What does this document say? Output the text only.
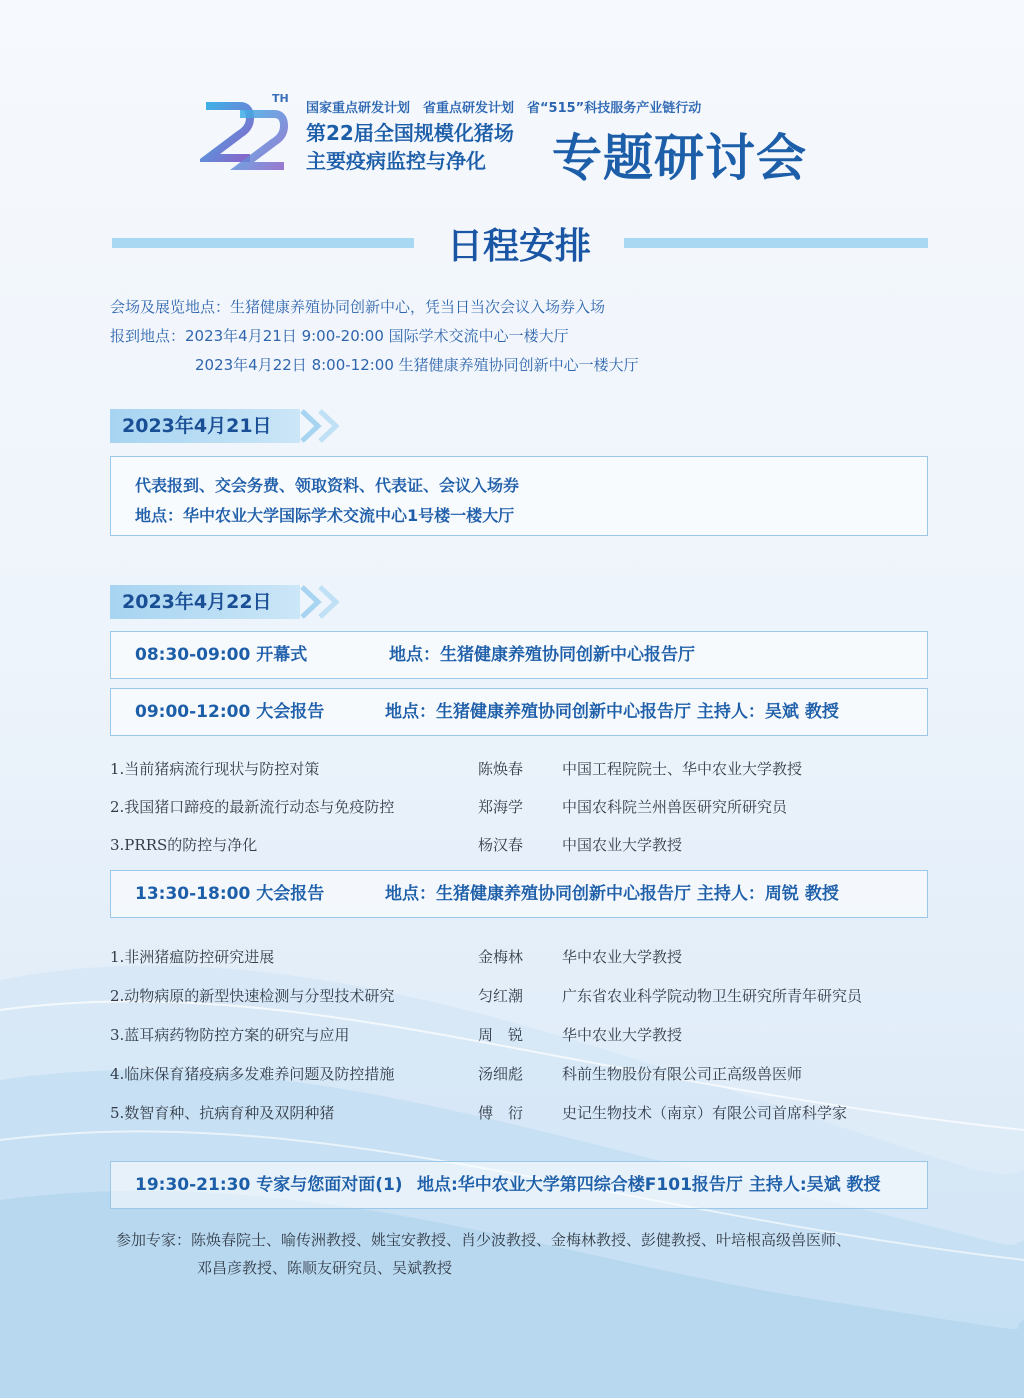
TH
国家重点研发计划　省重点研发计划　省“515”科技服务产业链行动
第22届全国规模化猪场
主要疫病监控与净化 专题研讨会
日程安排
会场及展览地点：生猪健康养殖协同创新中心，凭当日当次会议入场券入场
报到地点：2023年4月21日 9:00-20:00 国际学术交流中心一楼大厅
2023年4月22日 8:00-12:00 生猪健康养殖协同创新中心一楼大厅
2023年4月21日
代表报到、交会务费、领取资料、代表证、会议入场券
地点：华中农业大学国际学术交流中心1号楼一楼大厅
2023年4月22日
08:30-09:00 开幕式	地点：生猪健康养殖协同创新中心报告厅
09:00-12:00 大会报告	地点：生猪健康养殖协同创新中心报告厅 主持人：吴斌 教授
1.当前猪病流行现状与防控对策	陈焕春	中国工程院院士、华中农业大学教授
2.我国猪口蹄疫的最新流行动态与免疫防控	郑海学	中国农科院兰州兽医研究所研究员
3.PRRS的防控与净化	杨汉春	中国农业大学教授
13:30-18:00 大会报告	地点：生猪健康养殖协同创新中心报告厅 主持人：周锐 教授
1.非洲猪瘟防控研究进展	金梅林	华中农业大学教授
2.动物病原的新型快速检测与分型技术研究	匀红潮	广东省农业科学院动物卫生研究所青年研究员
3.蓝耳病药物防控方案的研究与应用	周　锐	华中农业大学教授
4.临床保育猪疫病多发难养问题及防控措施	汤细彪	科前生物股份有限公司正高级兽医师
5.数智育种、抗病育种及双阴种猪	傅　衍	史记生物技术（南京）有限公司首席科学家
19:30-21:30 专家与您面对面(1) 地点:华中农业大学第四综合楼F101报告厅 主持人:吴斌 教授
参加专家：陈焕春院士、喻传洲教授、姚宝安教授、肖少波教授、金梅林教授、彭健教授、叶培根高级兽医师、
邓昌彦教授、陈顺友研究员、吴斌教授
